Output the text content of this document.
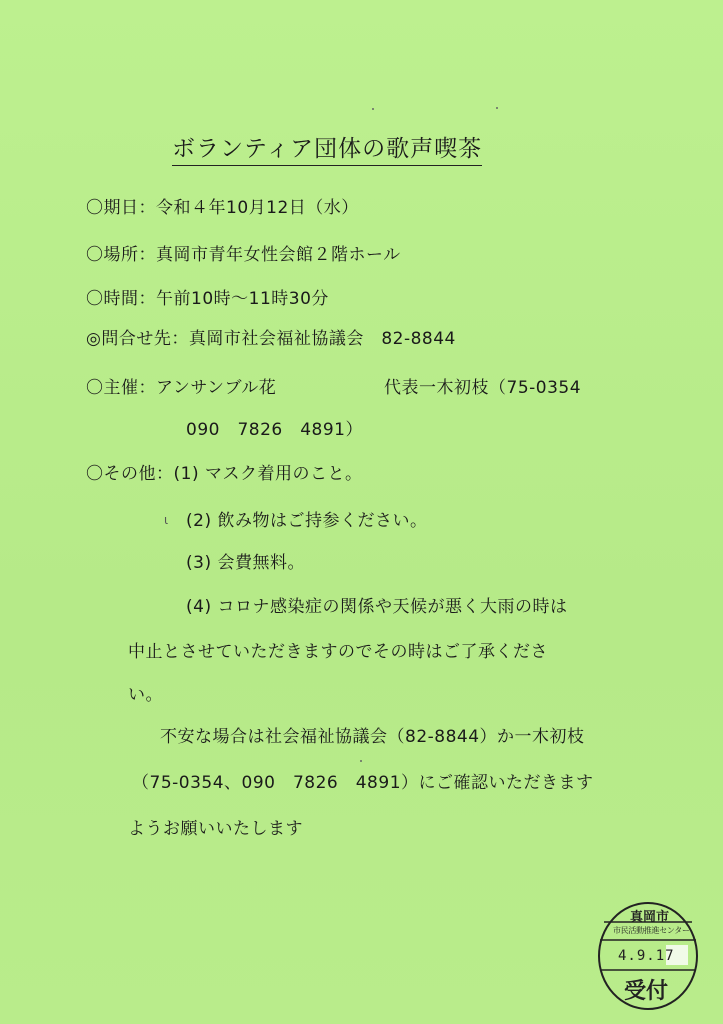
ボランティア団体の歌声喫茶
〇期日：令和４年10月12日（水）
〇場所：真岡市青年女性会館２階ホール
〇時間：午前10時～11時30分
◎問合せ先：真岡市社会福祉協議会　82-8844
〇主催：アンサンブル花	代表一木初枝（75-0354
090　7826　4891）
〇その他：(1) マスク着用のこと。
(2) 飲み物はご持参ください。
(3) 会費無料。
(4) コロナ感染症の関係や天候が悪く大雨の時は
中止とさせていただきますのでその時はご了承くださ
い。
不安な場合は社会福祉協議会（82-8844）か一木初枝
（75-0354、090　7826　4891）にご確認いただきます
ようお願いいたします
ɩ
真岡市
市民活動推進センター
4.9.17
受付
